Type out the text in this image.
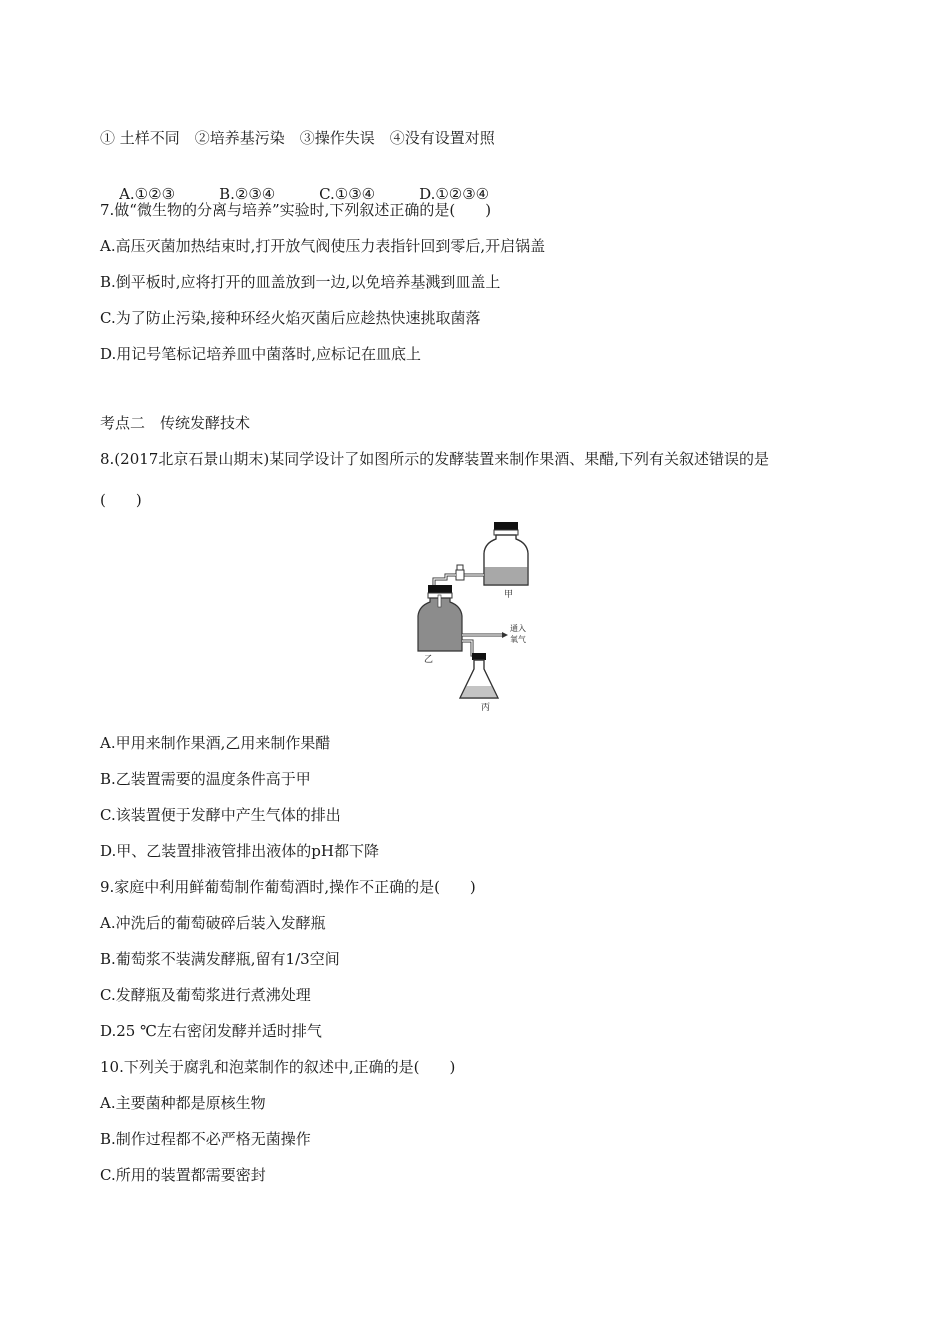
① 土样不同　②培养基污染　③操作失误　④没有设置对照

A.①②③	B.②③④	C.①③④	D.①②③④

7.做“微生物的分离与培养”实验时,下列叙述正确的是(　　)
A.高压灭菌加热结束时,打开放气阀使压力表指针回到零后,开启锅盖
B.倒平板时,应将打开的皿盖放到一边,以免培养基溅到皿盖上
C.为了防止污染,接种环经火焰灭菌后应趁热快速挑取菌落
D.用记号笔标记培养皿中菌落时,应标记在皿底上
考点二　传统发酵技术
8.(2017北京石景山期末)某同学设计了如图所示的发酵装置来制作果酒、果醋,下列有关叙述错误的是
(　　)
甲
乙
丙
通入
氧气
A.甲用来制作果酒,乙用来制作果醋
B.乙装置需要的温度条件高于甲
C.该装置便于发酵中产生气体的排出
D.甲、乙装置排液管排出液体的pH都下降
9.家庭中利用鲜葡萄制作葡萄酒时,操作不正确的是(　　)
A.冲洗后的葡萄破碎后装入发酵瓶
B.葡萄浆不装满发酵瓶,留有1/3空间
C.发酵瓶及葡萄浆进行煮沸处理
D.25 ℃左右密闭发酵并适时排气
10.下列关于腐乳和泡菜制作的叙述中,正确的是(　　)
A.主要菌种都是原核生物
B.制作过程都不必严格无菌操作
C.所用的装置都需要密封
